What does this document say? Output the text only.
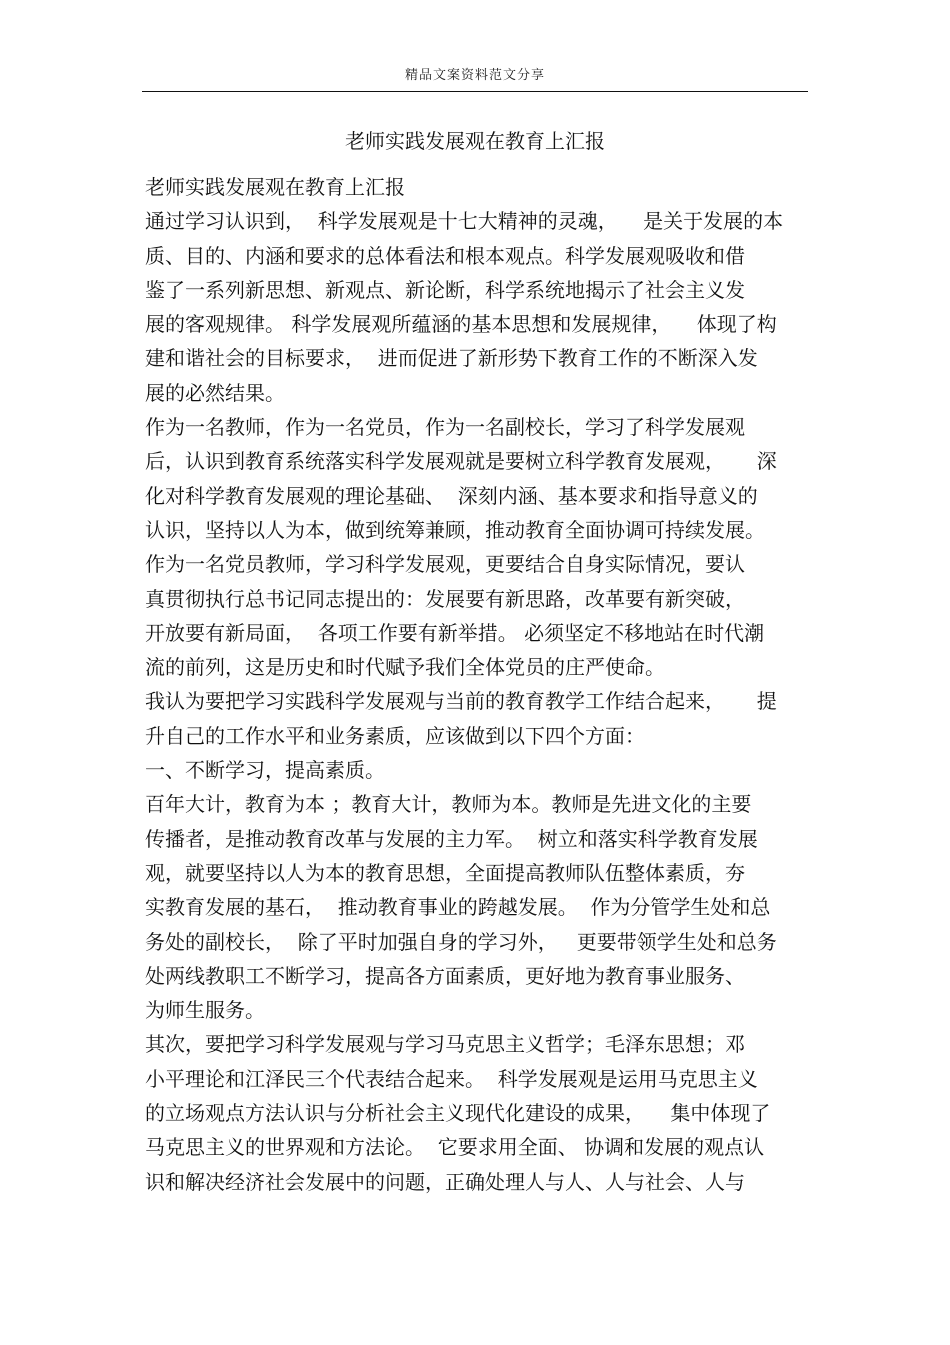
精品文案资料范文分享
老师实践发展观在教育上汇报
老师实践发展观在教育上汇报
通过学习认识到，  科学发展观是十七大精神的灵魂，    是关于发展的本
质、目的、内涵和要求的总体看法和根本观点。科学发展观吸收和借
鉴了一系列新思想、新观点、新论断，科学系统地揭示了社会主义发
展的客观规律。 科学发展观所蕴涵的基本思想和发展规律，    体现了构
建和谐社会的目标要求，  进而促进了新形势下教育工作的不断深入发
展的必然结果。
作为一名教师，作为一名党员，作为一名副校长，学习了科学发展观
后，认识到教育系统落实科学发展观就是要树立科学教育发展观，     深
化对科学教育发展观的理论基础、  深刻内涵、基本要求和指导意义的
认识，坚持以人为本，做到统筹兼顾，推动教育全面协调可持续发展。
作为一名党员教师，学习科学发展观，更要结合自身实际情况，要认
真贯彻执行总书记同志提出的：发展要有新思路，改革要有新突破，
开放要有新局面，  各项工作要有新举措。 必须坚定不移地站在时代潮
流的前列，这是历史和时代赋予我们全体党员的庄严使命。
我认为要把学习实践科学发展观与当前的教育教学工作结合起来，     提
升自己的工作水平和业务素质，应该做到以下四个方面：
一、不断学习，提高素质。
百年大计，教育为本 ；教育大计，教师为本。教师是先进文化的主要
传播者，是推动教育改革与发展的主力军。  树立和落实科学教育发展
观，就要坚持以人为本的教育思想，全面提高教师队伍整体素质，夯
实教育发展的基石，  推动教育事业的跨越发展。  作为分管学生处和总
务处的副校长，  除了平时加强自身的学习外，   更要带领学生处和总务
处两线教职工不断学习，提高各方面素质，更好地为教育事业服务、
为师生服务。
其次，要把学习科学发展观与学习马克思主义哲学；毛泽东思想；邓
小平理论和江泽民三个代表结合起来。  科学发展观是运用马克思主义
的立场观点方法认识与分析社会主义现代化建设的成果，    集中体现了
马克思主义的世界观和方法论。  它要求用全面、 协调和发展的观点认
识和解决经济社会发展中的问题，正确处理人与人、人与社会、人与
